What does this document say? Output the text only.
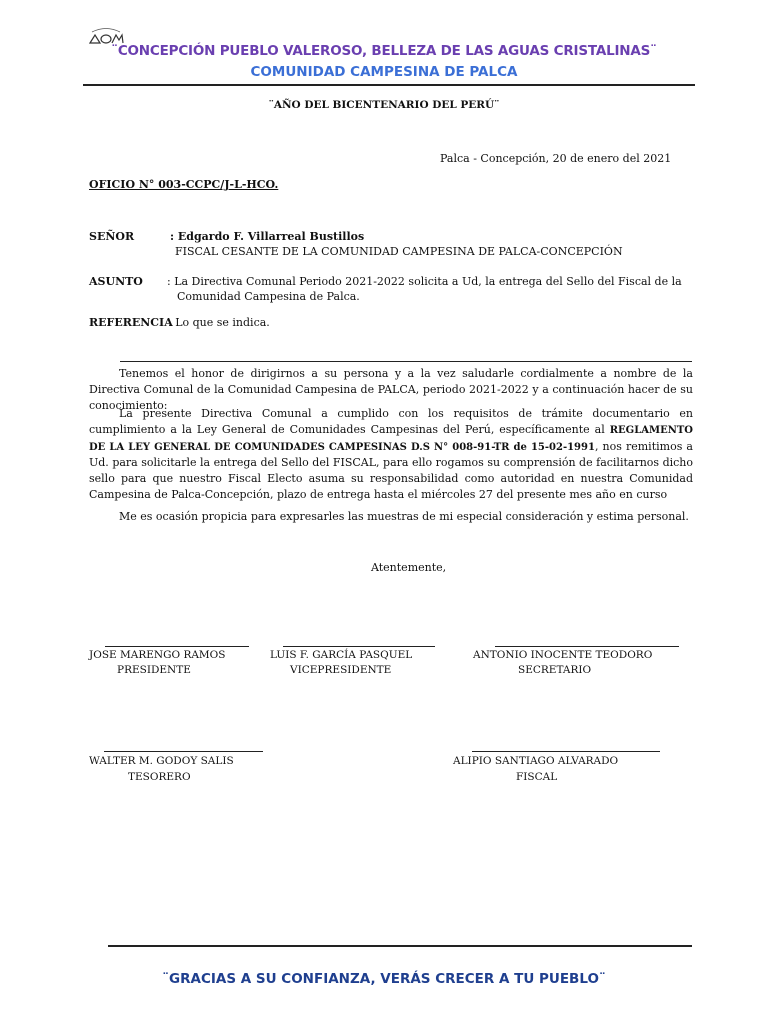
¨CONCEPCIÓN PUEBLO VALEROSO, BELLEZA DE LAS AGUAS CRISTALINAS¨
COMUNIDAD CAMPESINA DE PALCA
¨AÑO DEL BICENTENARIO DEL PERÚ¨
Palca - Concepción, 20 de enero del 2021
OFICIO N° 003-CCPC/J-L-HCO.
SEÑOR	: Edgardo F. Villarreal Bustillos
FISCAL CESANTE DE LA COMUNIDAD CAMPESINA DE PALCA-CONCEPCIÓN
ASUNTO : La Directiva Comunal Periodo 2021-2022 solicita a Ud, la entrega del Sello del Fiscal de la
Comunidad Campesina de Palca.
REFERENCIA
: Lo que se indica.
Tenemos el honor de dirigirnos a su persona y a la vez saludarle cordialmente a nombre de la Directiva Comunal de la Comunidad Campesina de PALCA, periodo 2021-2022 y a continuación hacer de su conocimiento:
La presente Directiva Comunal a cumplido con los requisitos de trámite documentario en cumplimiento a la Ley General de Comunidades Campesinas del Perú, específicamente al REGLAMENTO DE LA LEY GENERAL DE COMUNIDADES CAMPESINAS D.S N° 008-91-TR de 15-02-1991, nos remitimos a Ud. para solicitarle la entrega del Sello del FISCAL, para ello rogamos su comprensión de facilitarnos dicho sello para que nuestro Fiscal Electo asuma su responsabilidad como autoridad en nuestra Comunidad Campesina de Palca-Concepción, plazo de entrega hasta el miércoles 27 del presente mes año en curso
Me es ocasión propicia para expresarles las muestras de mi especial consideración y estima personal.
Atentemente,
JOSE MARENGO RAMOS
PRESIDENTE
LUIS F. GARCÍA PASQUEL
VICEPRESIDENTE
ANTONIO INOCENTE TEODORO
SECRETARIO
WALTER M. GODOY SALIS
TESORERO
ALIPIO SANTIAGO ALVARADO
FISCAL
¨GRACIAS A SU CONFIANZA, VERÁS CRECER A TU PUEBLO¨
